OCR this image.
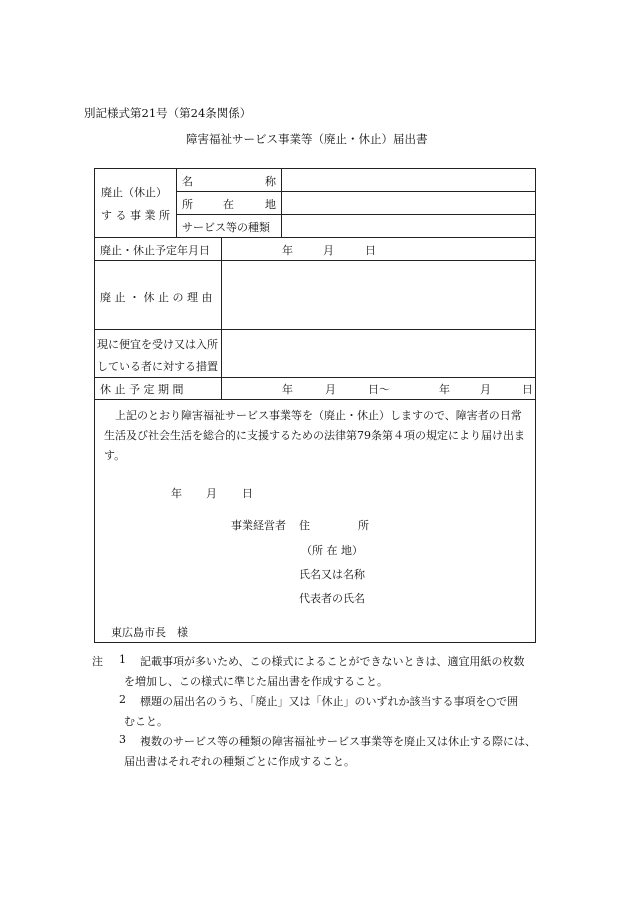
別記様式第21号（第24条関係）
障害福祉サービス事業等（廃止・休止）届出書
廃止（休止）
す る 事 業 所
名	称
所	在	地
サービス等の種類
廃止・休止予定年月日	年	月	日
廃 止 ・ 休 止 の 理 由
現に便宜を受け又は入所
している者に対する措置
休 止 予 定 期 間	年	月	日〜	年	月	日
上記のとおり障害福祉サービス事業等を（廃止・休止）しますので、障害者の日常生活及び社会生活を総合的に支援するための法律第79条第４項の規定により届け出ます。
年 月 日
事業経営者 住	所
（所 在 地）
氏名又は名称
代表者の氏名
東広島市長　様
注 1 記載事項が多いため、この様式によることができないときは、適宜用紙の枚数
を増加し、この様式に準じた届出書を作成すること。
2 標題の届出名のうち、「廃止」又は「休止」のいずれか該当する事項を○で囲
むこと。
3 複数のサービス等の種類の障害福祉サービス事業等を廃止又は休止する際には、
届出書はそれぞれの種類ごとに作成すること。
